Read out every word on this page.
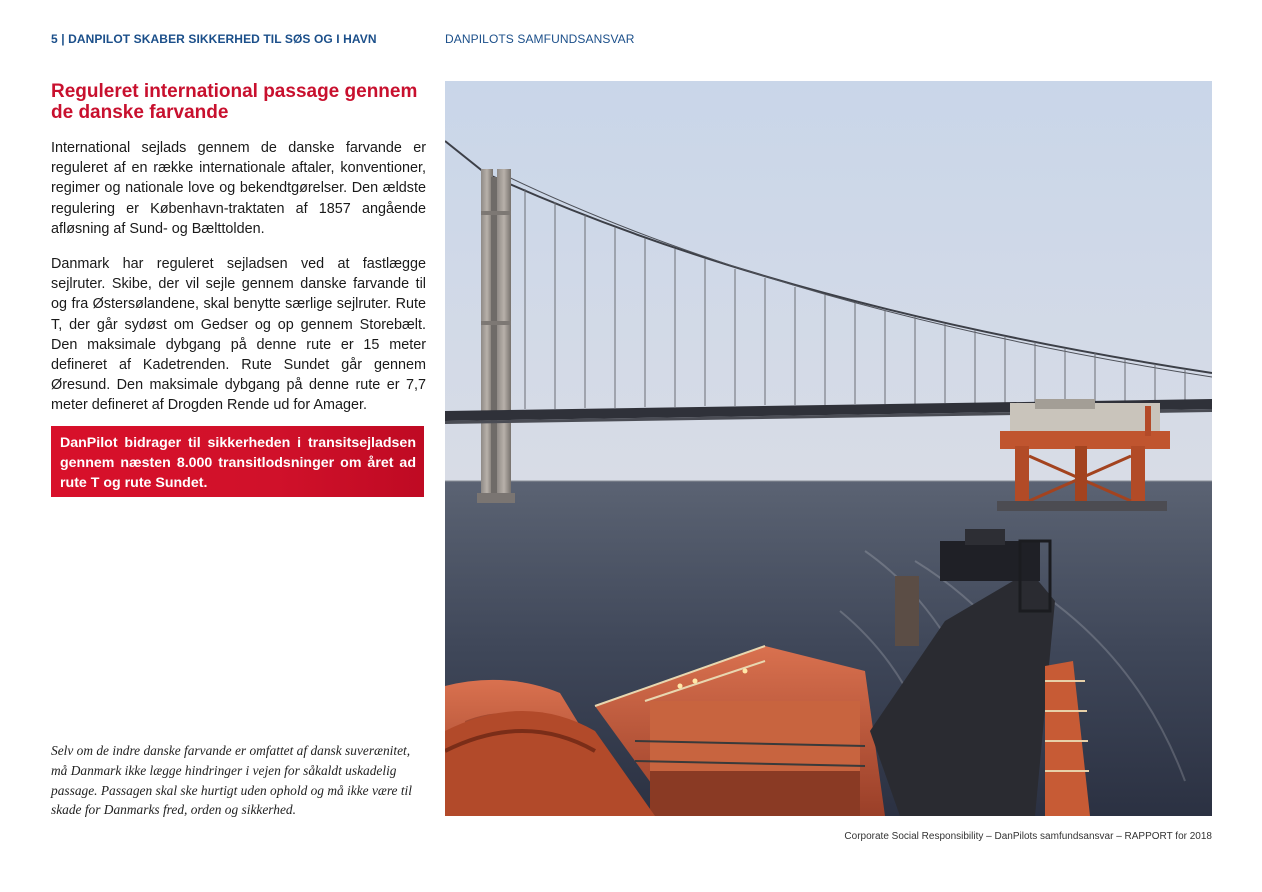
5 | DANPILOT SKABER SIKKERHED TIL SØS OG I HAVN	DANPILOTS SAMFUNDSANSVAR
Reguleret international passage gennem de danske farvande

International sejlads gennem de danske farvande er reguleret af en række internationale aftaler, konventioner, regimer og nationale love og bekendtgørelser. Den ældste regulering er København-traktaten af 1857 angående afløsning af Sund- og Bælttolden.

Danmark har reguleret sejladsen ved at fastlægge sejlruter. Skibe, der vil sejle gennem danske farvande til og fra Østersølandene, skal benytte særlige sejlruter. Rute T, der går sydøst om Gedser og op gennem Storebælt. Den maksimale dybgang på denne rute er 15 meter defineret af Kadetrenden. Rute Sundet går gennem Øresund. Den maksimale dybgang på denne rute er 7,7 meter defineret af Drogden Rende ud for Amager.

DanPilot bidrager til sikkerheden i transitsejladsen gennem næsten 8.000 transitlodsninger om året ad rute T og rute Sundet.

Selv om de indre danske farvande er omfattet af dansk suverænitet, må Danmark ikke lægge hindringer i vejen for såkaldt uskadelig passage. Passagen skal ske hurtigt uden ophold og må ikke være til skade for Danmarks fred, orden og sikkerhed.

Corporate Social Responsibility – DanPilots samfundsansvar – RAPPORT for 2018
